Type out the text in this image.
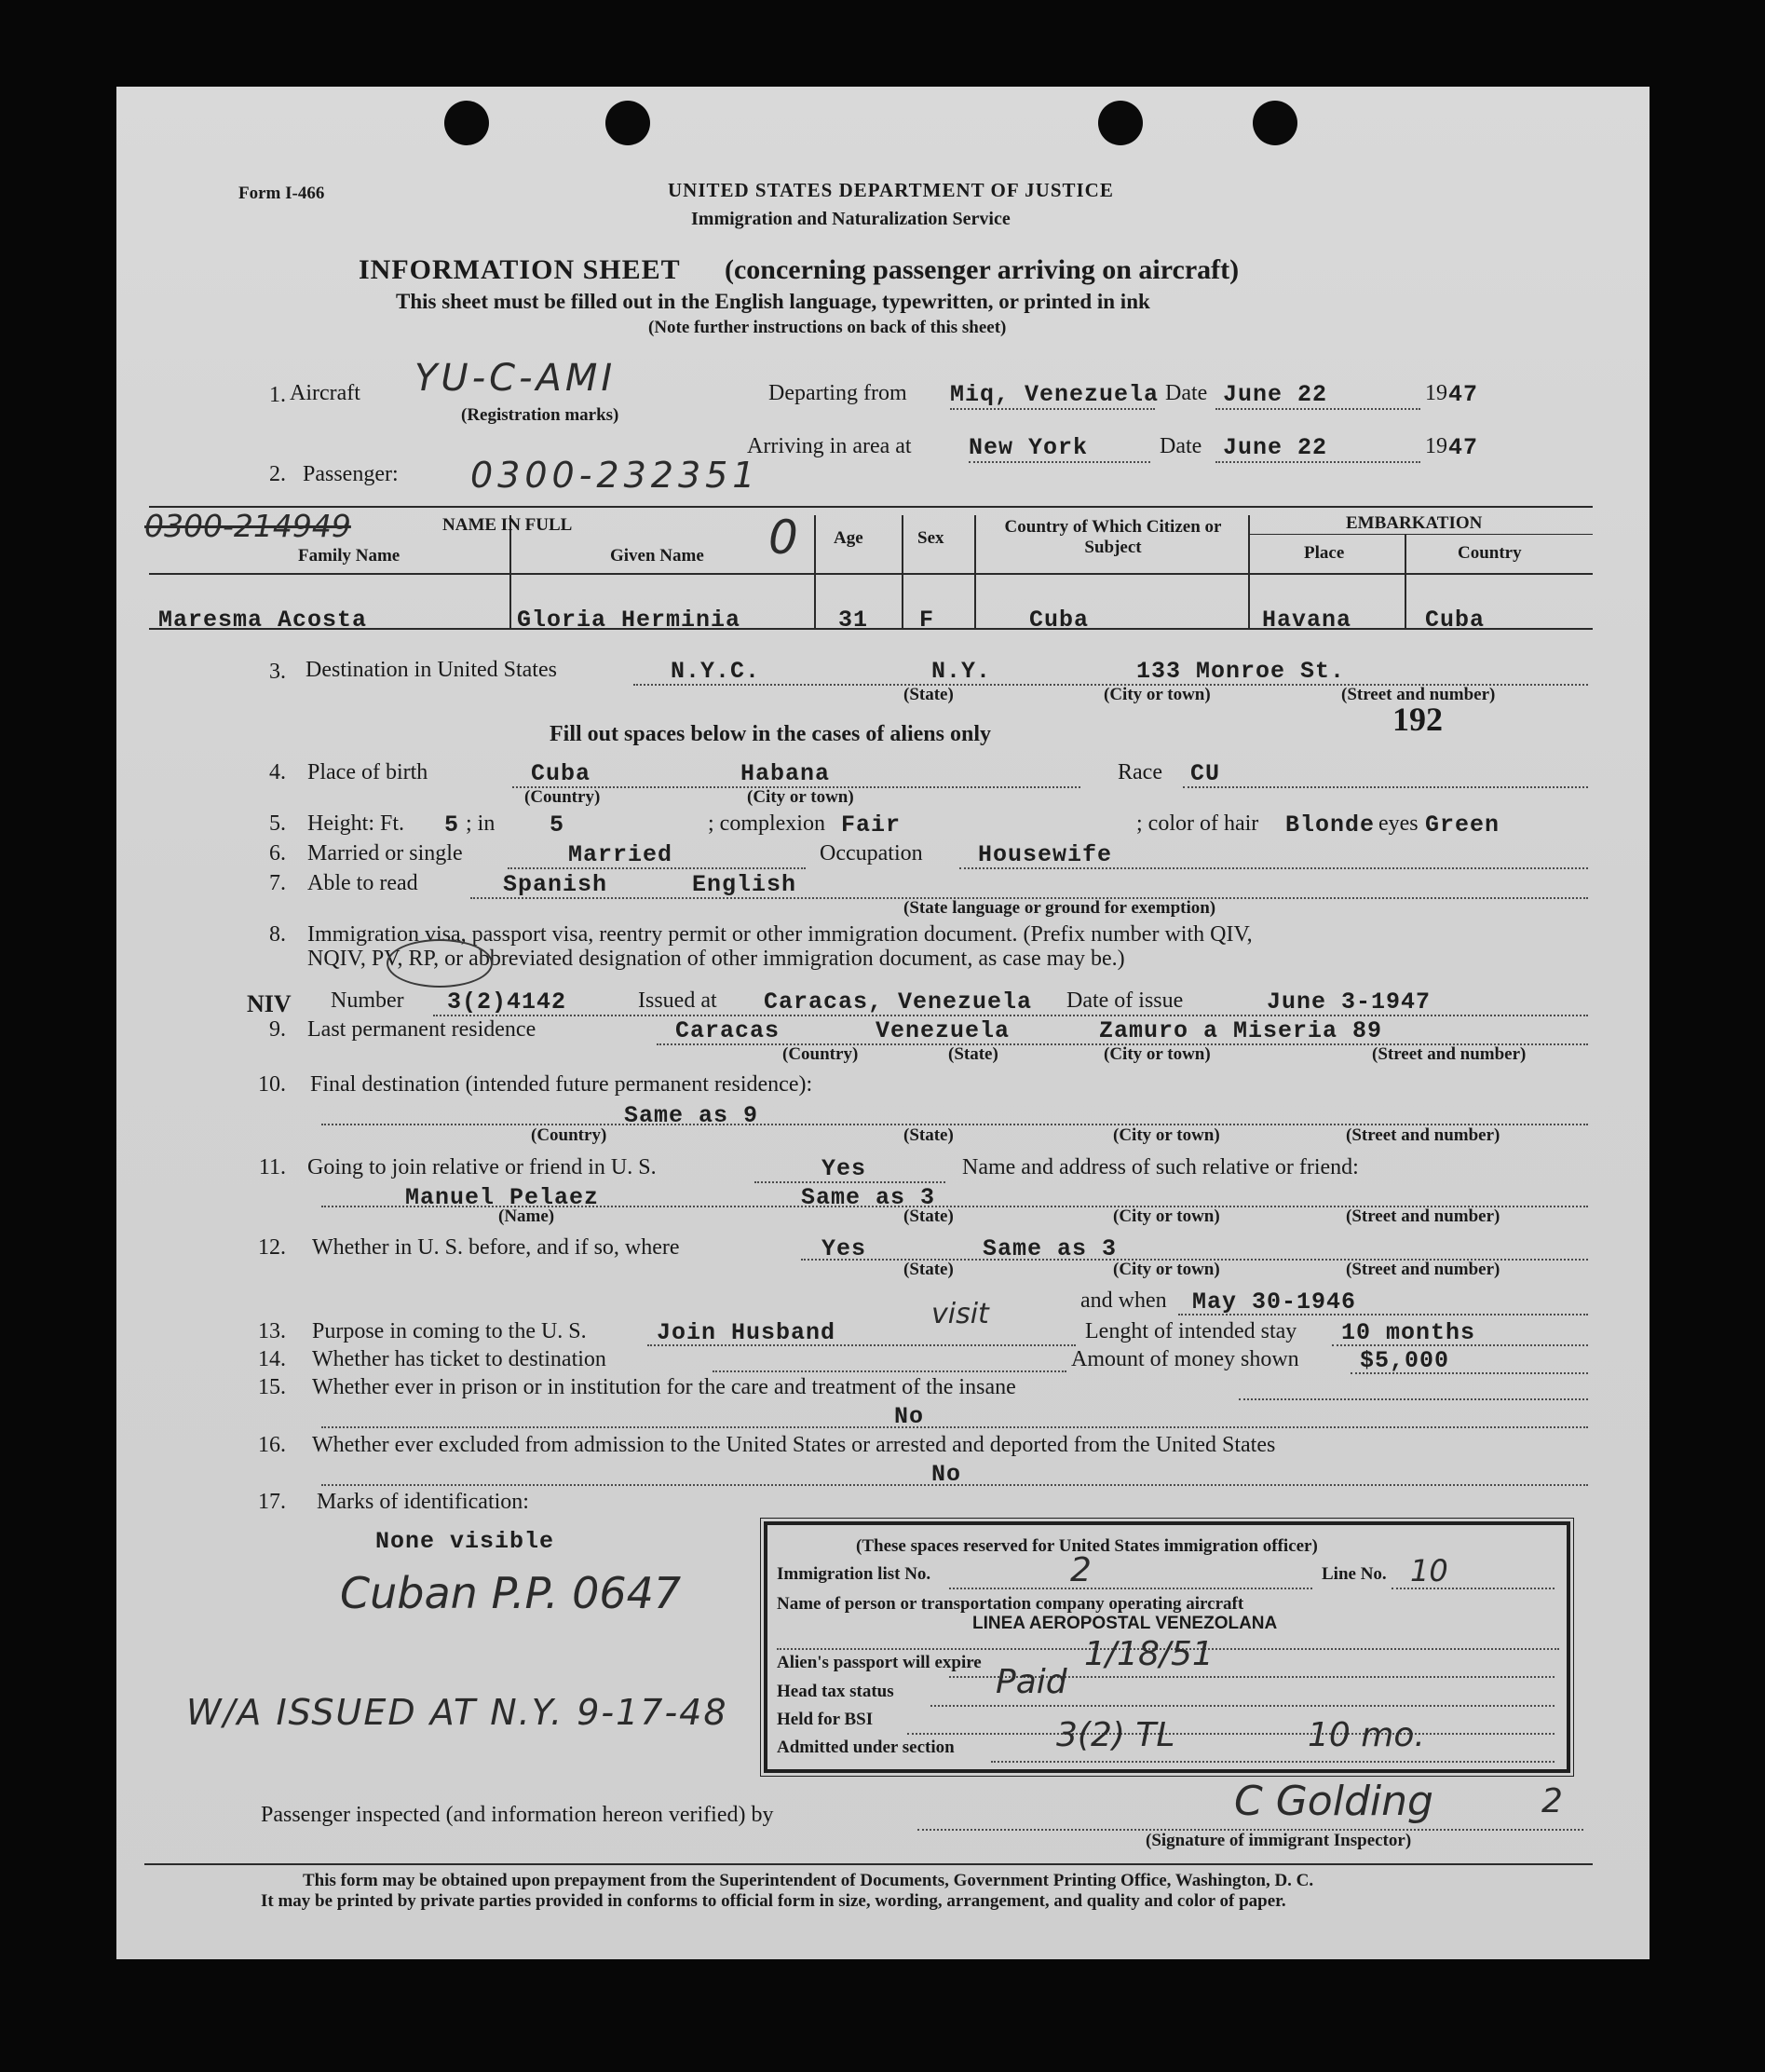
Form I-466	UNITED STATES DEPARTMENT OF JUSTICE
Immigration and Naturalization Service
INFORMATION SHEET (concerning passenger arriving on aircraft)
This sheet must be filled out in the English language, typewritten, or printed in ink
(Note further instructions on back of this sheet)
1.
2.
3.
4.
5.
6.
7.
8.
9.
10.
11.
12.
13.
14.
15.
16.
17.
Aircraft YU-C-AMI
(Registration marks)
Departing from Miq, Venezuela Date June 22	19 47
Arriving in area at New York	Date June 22	19 47
Passenger: 0300-232351
0300-214949	0
NAME IN FULL
Family Name	Given Name
Age	Sex
Country of Which Citizen or Subject
EMBARKATION
Place	Country
Maresma Acosta	Gloria Herminia	31 F	Cuba	Havana	Cuba
Destination in United States	N.Y.C.	N.Y.	133 Monroe St.
(State)	(City or town)	(Street and number)
192
Fill out spaces below in the cases of aliens only
Place of birth	Cuba	Habana	Race CU
(Country)	(City or town)
Height: Ft. 5 ; in 5	; complexion Fair	; color of hair Blonde eyes Green
Married or single	Married	Occupation Housewife
Able to read	Spanish	English
(State language or ground for exemption)
Immigration visa, passport visa, reentry permit or other immigration document. (Prefix number with QIV,
NQIV, PV, RP, or abbreviated designation of other immigration document, as case may be.)
NIV Number 3(2)4142	Issued at Caracas, Venezuela Date of issue	June 3-1947
Last permanent residence	Caracas	Venezuela	Zamuro a Miseria 89
(Country)	(State)	(City or town)	(Street and number)
Final destination (intended future permanent residence):
Same as 9
(Country)	(State)	(City or town)	(Street and number)
Going to join relative or friend in U. S.	Yes	Name and address of such relative or friend:
Manuel Pelaez	Same as 3
(Name)	(State)	(City or town)	(Street and number)
Whether in U. S. before, and if so, where	Yes	Same as 3
(State)	(City or town)	(Street and number)
and when May 30-1946
Purpose in coming to the U. S.	Join Husband
visit
Lenght of intended stay 10 months
Whether has ticket to destination	Amount of money shown	$5,000
Whether ever in prison or in institution for the care and treatment of the insane
No
Whether ever excluded from admission to the United States or arrested and deported from the United States
No
Marks of identification:
None visible
Cuban P.P. 0647
W/A ISSUED AT N.Y. 9-17-48
(These spaces reserved for United States immigration officer)
Immigration list No.	2	Line No. 10
Name of person or transportation company operating aircraft
LINEA AEROPOSTAL VENEZOLANA
Alien's passport will expire	1/18/51
Head tax status	Paid
Held for BSI
Admitted under section	3(2) TL	10 mo.
Passenger inspected (and information hereon verified) by	C Golding	2
(Signature of immigrant Inspector)
This form may be obtained upon prepayment from the Superintendent of Documents, Government Printing Office, Washington, D. C.
It may be printed by private parties provided in conforms to official form in size, wording, arrangement, and quality and color of paper.
